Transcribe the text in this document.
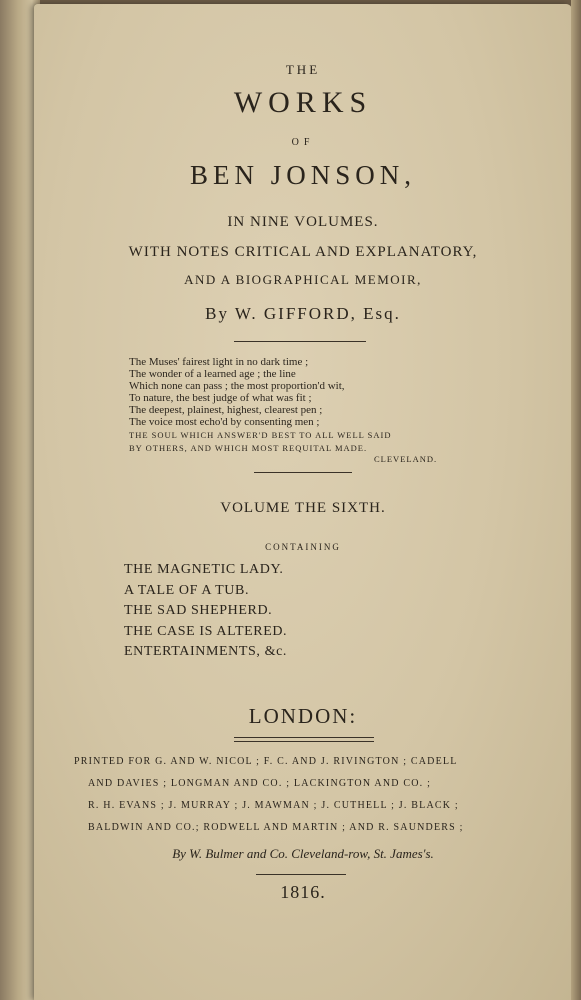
THE
WORKS
OF
BEN JONSON,
IN NINE VOLUMES.
WITH NOTES CRITICAL AND EXPLANATORY,
AND A BIOGRAPHICAL MEMOIR,
By W. GIFFORD, Esq.
The Muses' fairest light in no dark time ;
The wonder of a learned age ; the line
Which none can pass ; the most proportion'd wit,
To nature, the best judge of what was fit ;
The deepest, plainest, highest, clearest pen ;
The voice most echo'd by consenting men ;
THE SOUL WHICH ANSWER'D BEST TO ALL WELL SAID
BY OTHERS, AND WHICH MOST REQUITAL MADE.
CLEVELAND.
VOLUME THE SIXTH.
CONTAINING
THE MAGNETIC LADY.
A TALE OF A TUB.
THE SAD SHEPHERD.
THE CASE IS ALTERED.
ENTERTAINMENTS, &c.
LONDON:
PRINTED FOR G. AND W. NICOL ; F. C. AND J. RIVINGTON ; CADELL
AND DAVIES ; LONGMAN AND CO. ; LACKINGTON AND CO. ;
R. H. EVANS ; J. MURRAY ; J. MAWMAN ; J. CUTHELL ; J. BLACK ;
BALDWIN AND CO.; RODWELL AND MARTIN ; AND R. SAUNDERS ;
By W. Bulmer and Co. Cleveland-row, St. James's.
1816.
